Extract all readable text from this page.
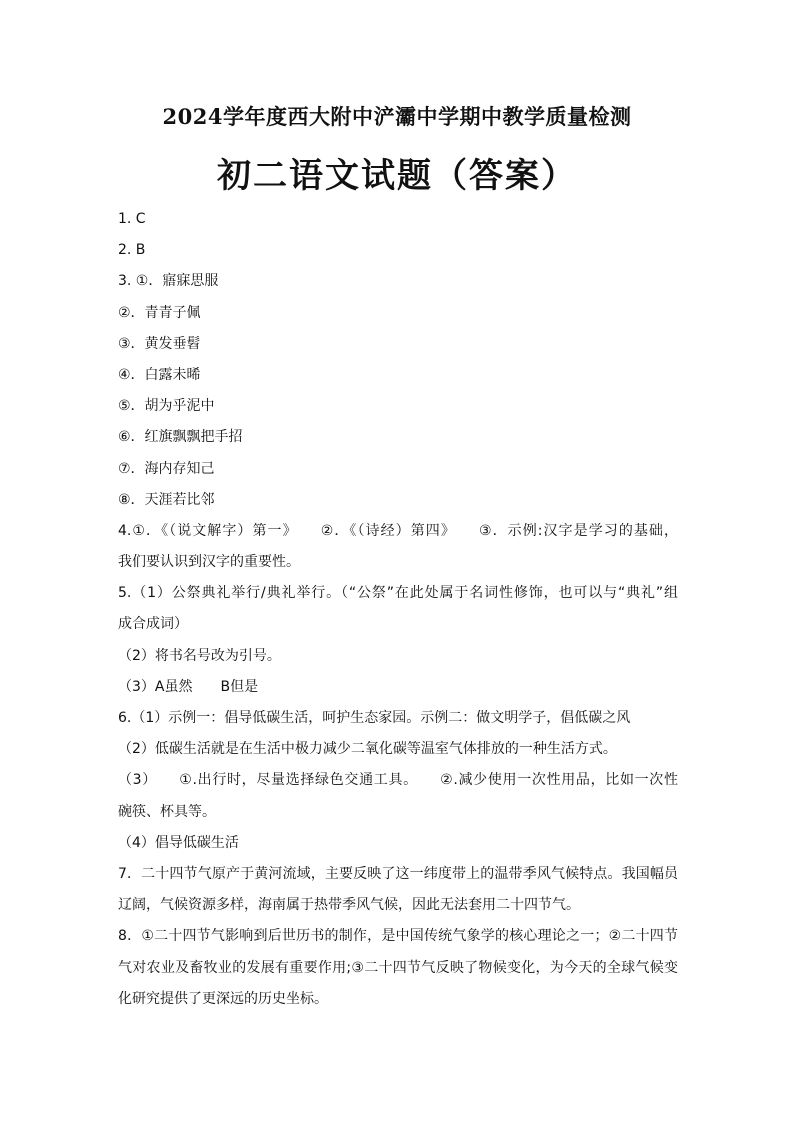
2024学年度西大附中浐灞中学期中教学质量检测
初二语文试题（答案）
1. C
2. B
3. ①．寤寐思服
②．青青子佩
③．黄发垂髫
④．白露未晞
⑤．胡为乎泥中
⑥．红旗飘飘把手招
⑦．海内存知己
⑧．天涯若比邻
4.①．《（说文解字）第一》　　②．《（诗经）第四》　　③．示例:汉字是学习的基础，
我们要认识到汉字的重要性。
5.（1）公祭典礼举行/典礼举行。（“公祭”在此处属于名词性修饰，也可以与“典礼”组
成合成词）
（2）将书名号改为引号。
（3）A虽然　　B但是
6.（1）示例一：倡导低碳生活，呵护生态家园。示例二：做文明学子，倡低碳之风
（2）低碳生活就是在生活中极力减少二氧化碳等温室气体排放的一种生活方式。
（3）　　①.出行时，尽量选择绿色交通工具。　　②.减少使用一次性用品，比如一次性
碗筷、杯具等。
（4）倡导低碳生活
7．二十四节气原产于黄河流域，主要反映了这一纬度带上的温带季风气候特点。我国幅员
辽阔，气候资源多样，海南属于热带季风气候，因此无法套用二十四节气。
8．①二十四节气影响到后世历书的制作，是中国传统气象学的核心理论之一；②二十四节
气对农业及畜牧业的发展有重要作用;③二十四节气反映了物候变化，为今天的全球气候变
化研究提供了更深远的历史坐标。
